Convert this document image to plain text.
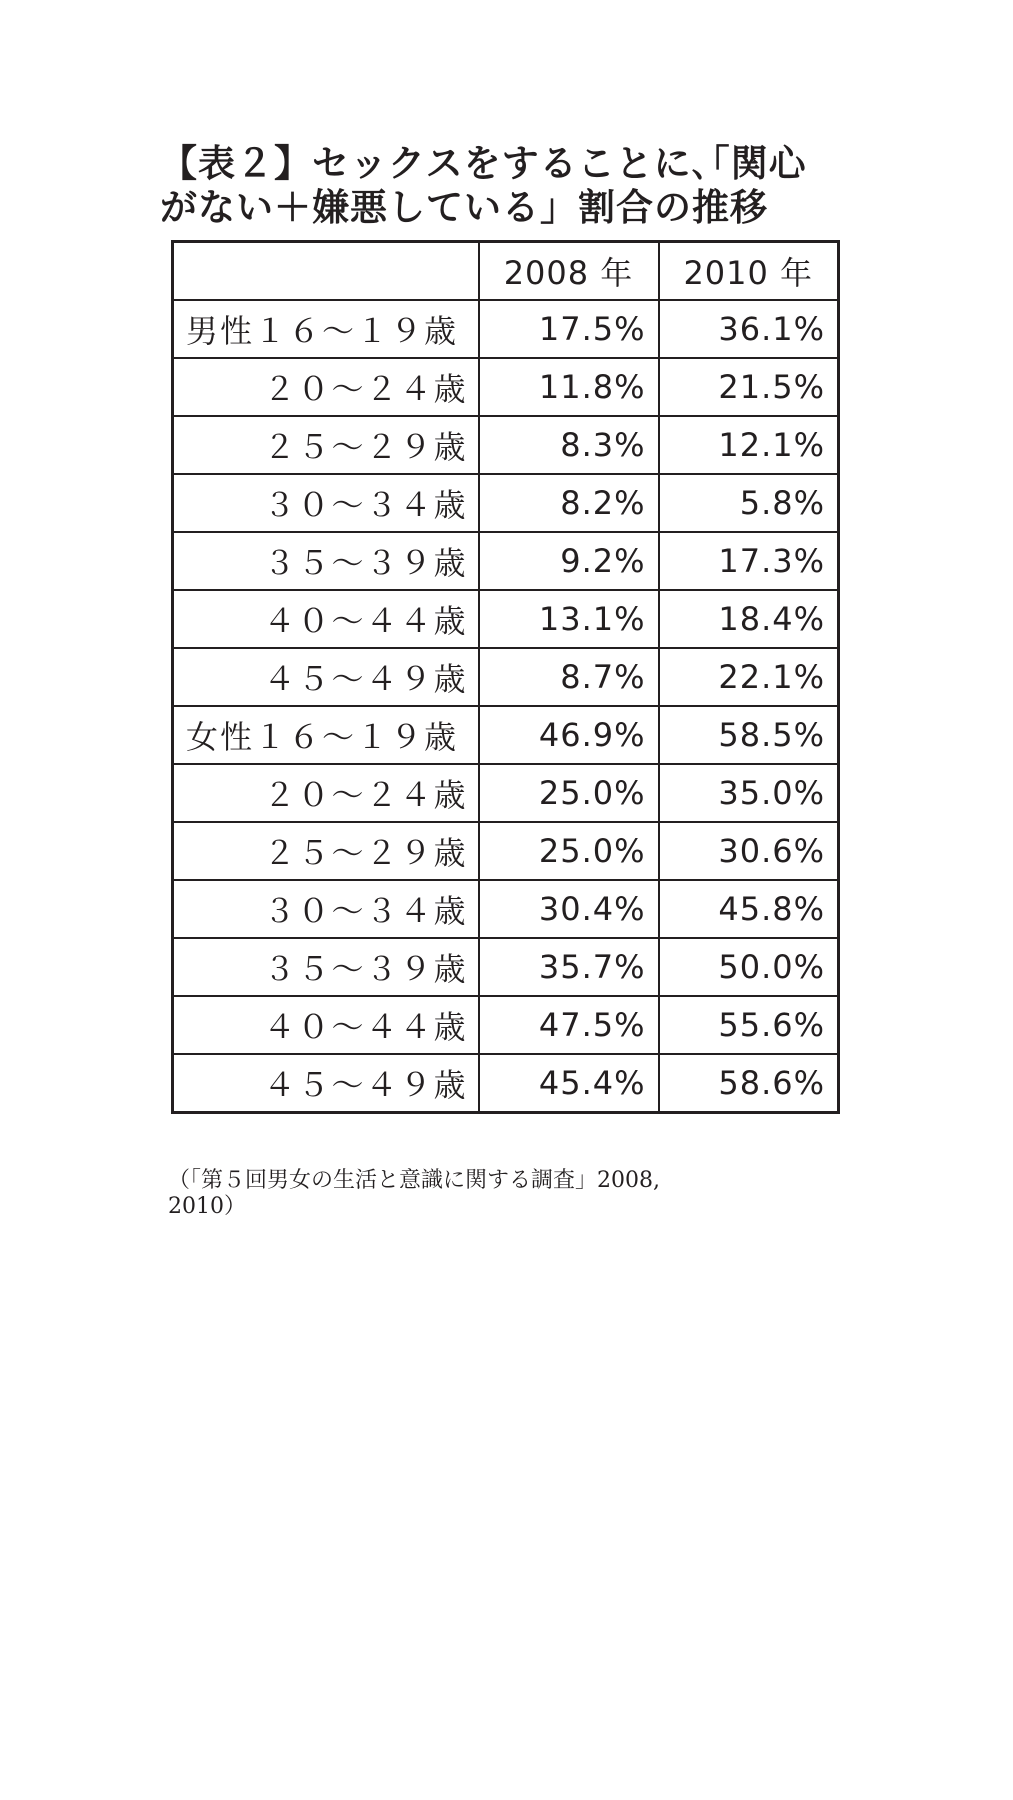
【表２】セックスをすることに､｢関心
がない＋嫌悪している」割合の推移
	2008 年	2010 年
男性１６～１９歳	17.5%	36.1%
２０～２４歳	11.8%	21.5%
２５～２９歳	8.3%	12.1%
３０～３４歳	8.2%	5.8%
３５～３９歳	9.2%	17.3%
４０～４４歳	13.1%	18.4%
４５～４９歳	8.7%	22.1%
女性１６～１９歳	46.9%	58.5%
２０～２４歳	25.0%	35.0%
２５～２９歳	25.0%	30.6%
３０～３４歳	30.4%	45.8%
３５～３９歳	35.7%	50.0%
４０～４４歳	47.5%	55.6%
４５～４９歳	45.4%	58.6%
（「第５回男女の生活と意識に関する調査」2008,
2010）
